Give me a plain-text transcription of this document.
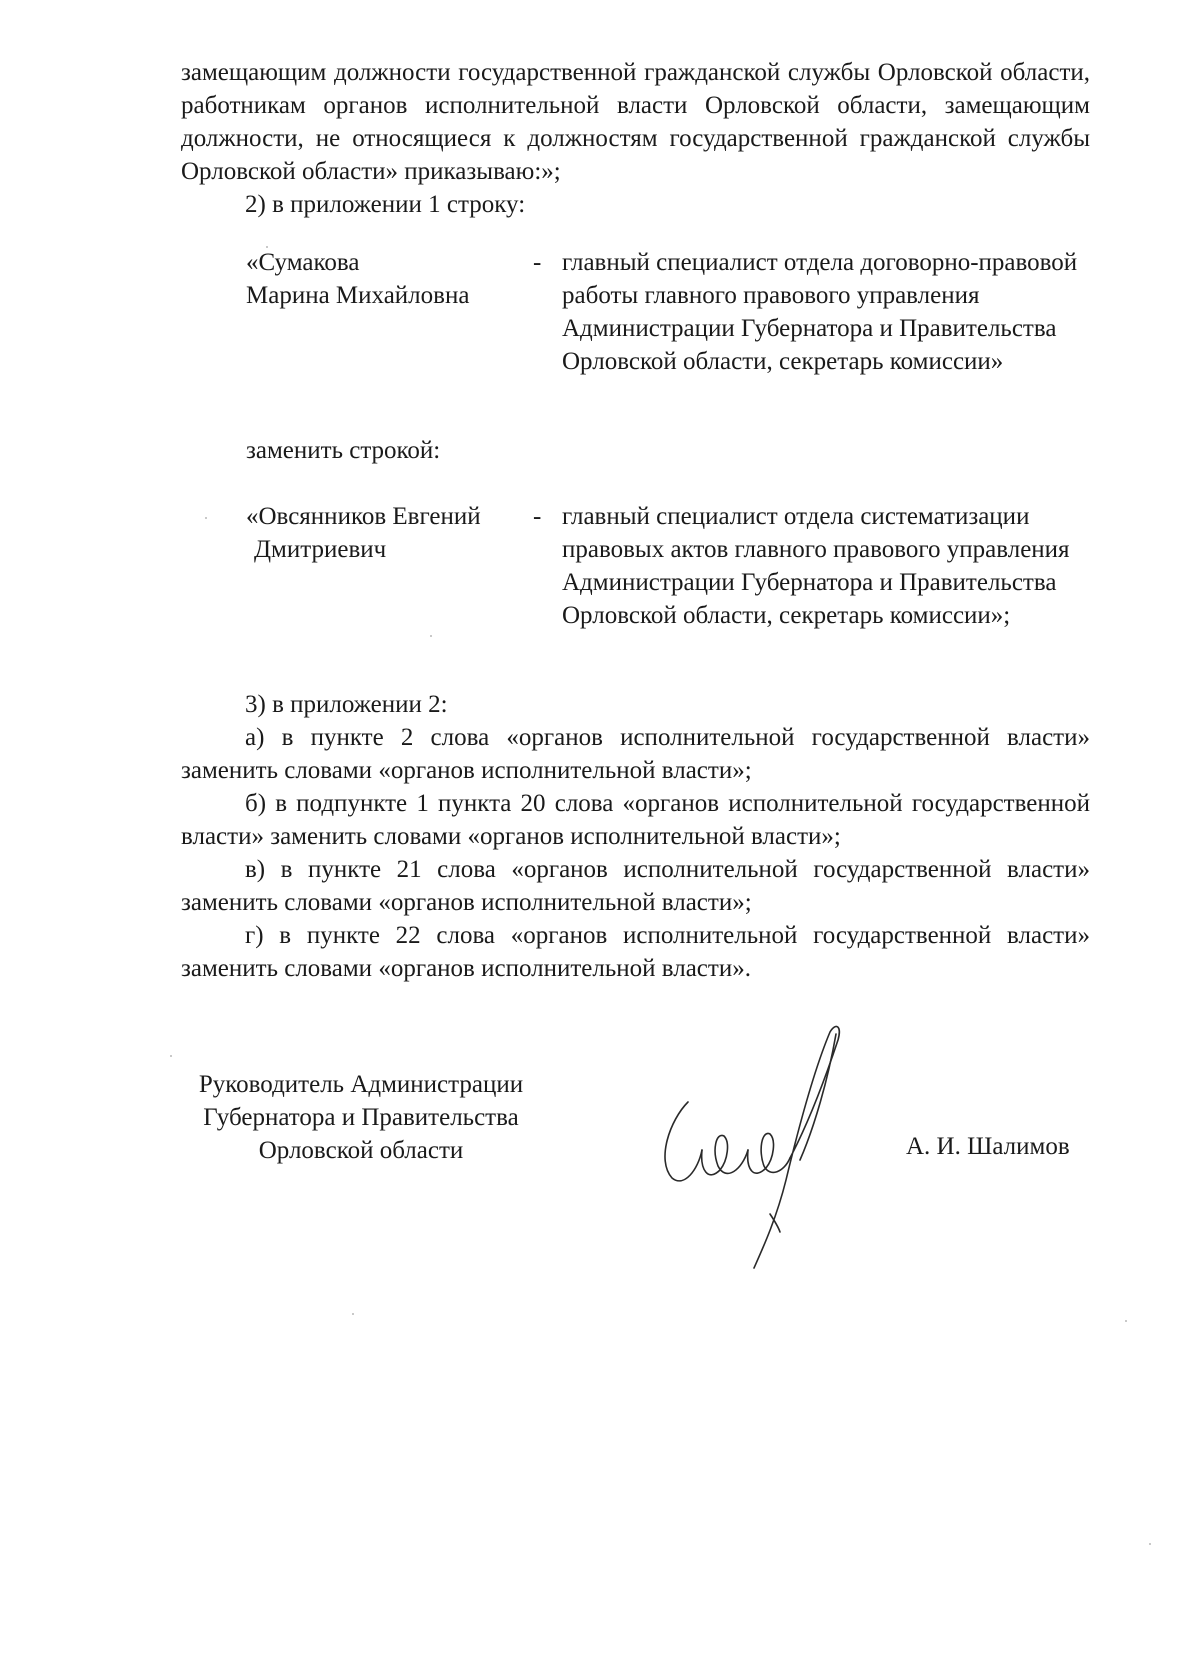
замещающим должности государственной гражданской службы Орловской области, работникам органов исполнительной власти Орловской области, замещающим должности, не относящиеся к должностям государственной гражданской службы Орловской области» приказываю:»;

2) в приложении 1 строку:

«Сумакова
Марина Михайловна
- главный специалист отдела договорно-правовой работы главного правового управления Администрации Губернатора и Правительства Орловской области, секретарь комиссии»
заменить строкой:
«Овсянников Евгений
Дмитриевич
- главный специалист отдела систематизации правовых актов главного правового управления Администрации Губернатора и Правительства Орловской области, секретарь комиссии»;

3) в приложении 2:

а) в пункте 2 слова «органов исполнительной государственной власти» заменить словами «органов исполнительной власти»;

б) в подпункте 1 пункта 20 слова «органов исполнительной государственной власти» заменить словами «органов исполнительной власти»;

в) в пункте 21 слова «органов исполнительной государственной власти» заменить словами «органов исполнительной власти»;

г) в пункте 22 слова «органов исполнительной государственной власти» заменить словами «органов исполнительной власти».

Руководитель Администрации
Губернатора и Правительства
Орловской области	А. И. Шалимов
